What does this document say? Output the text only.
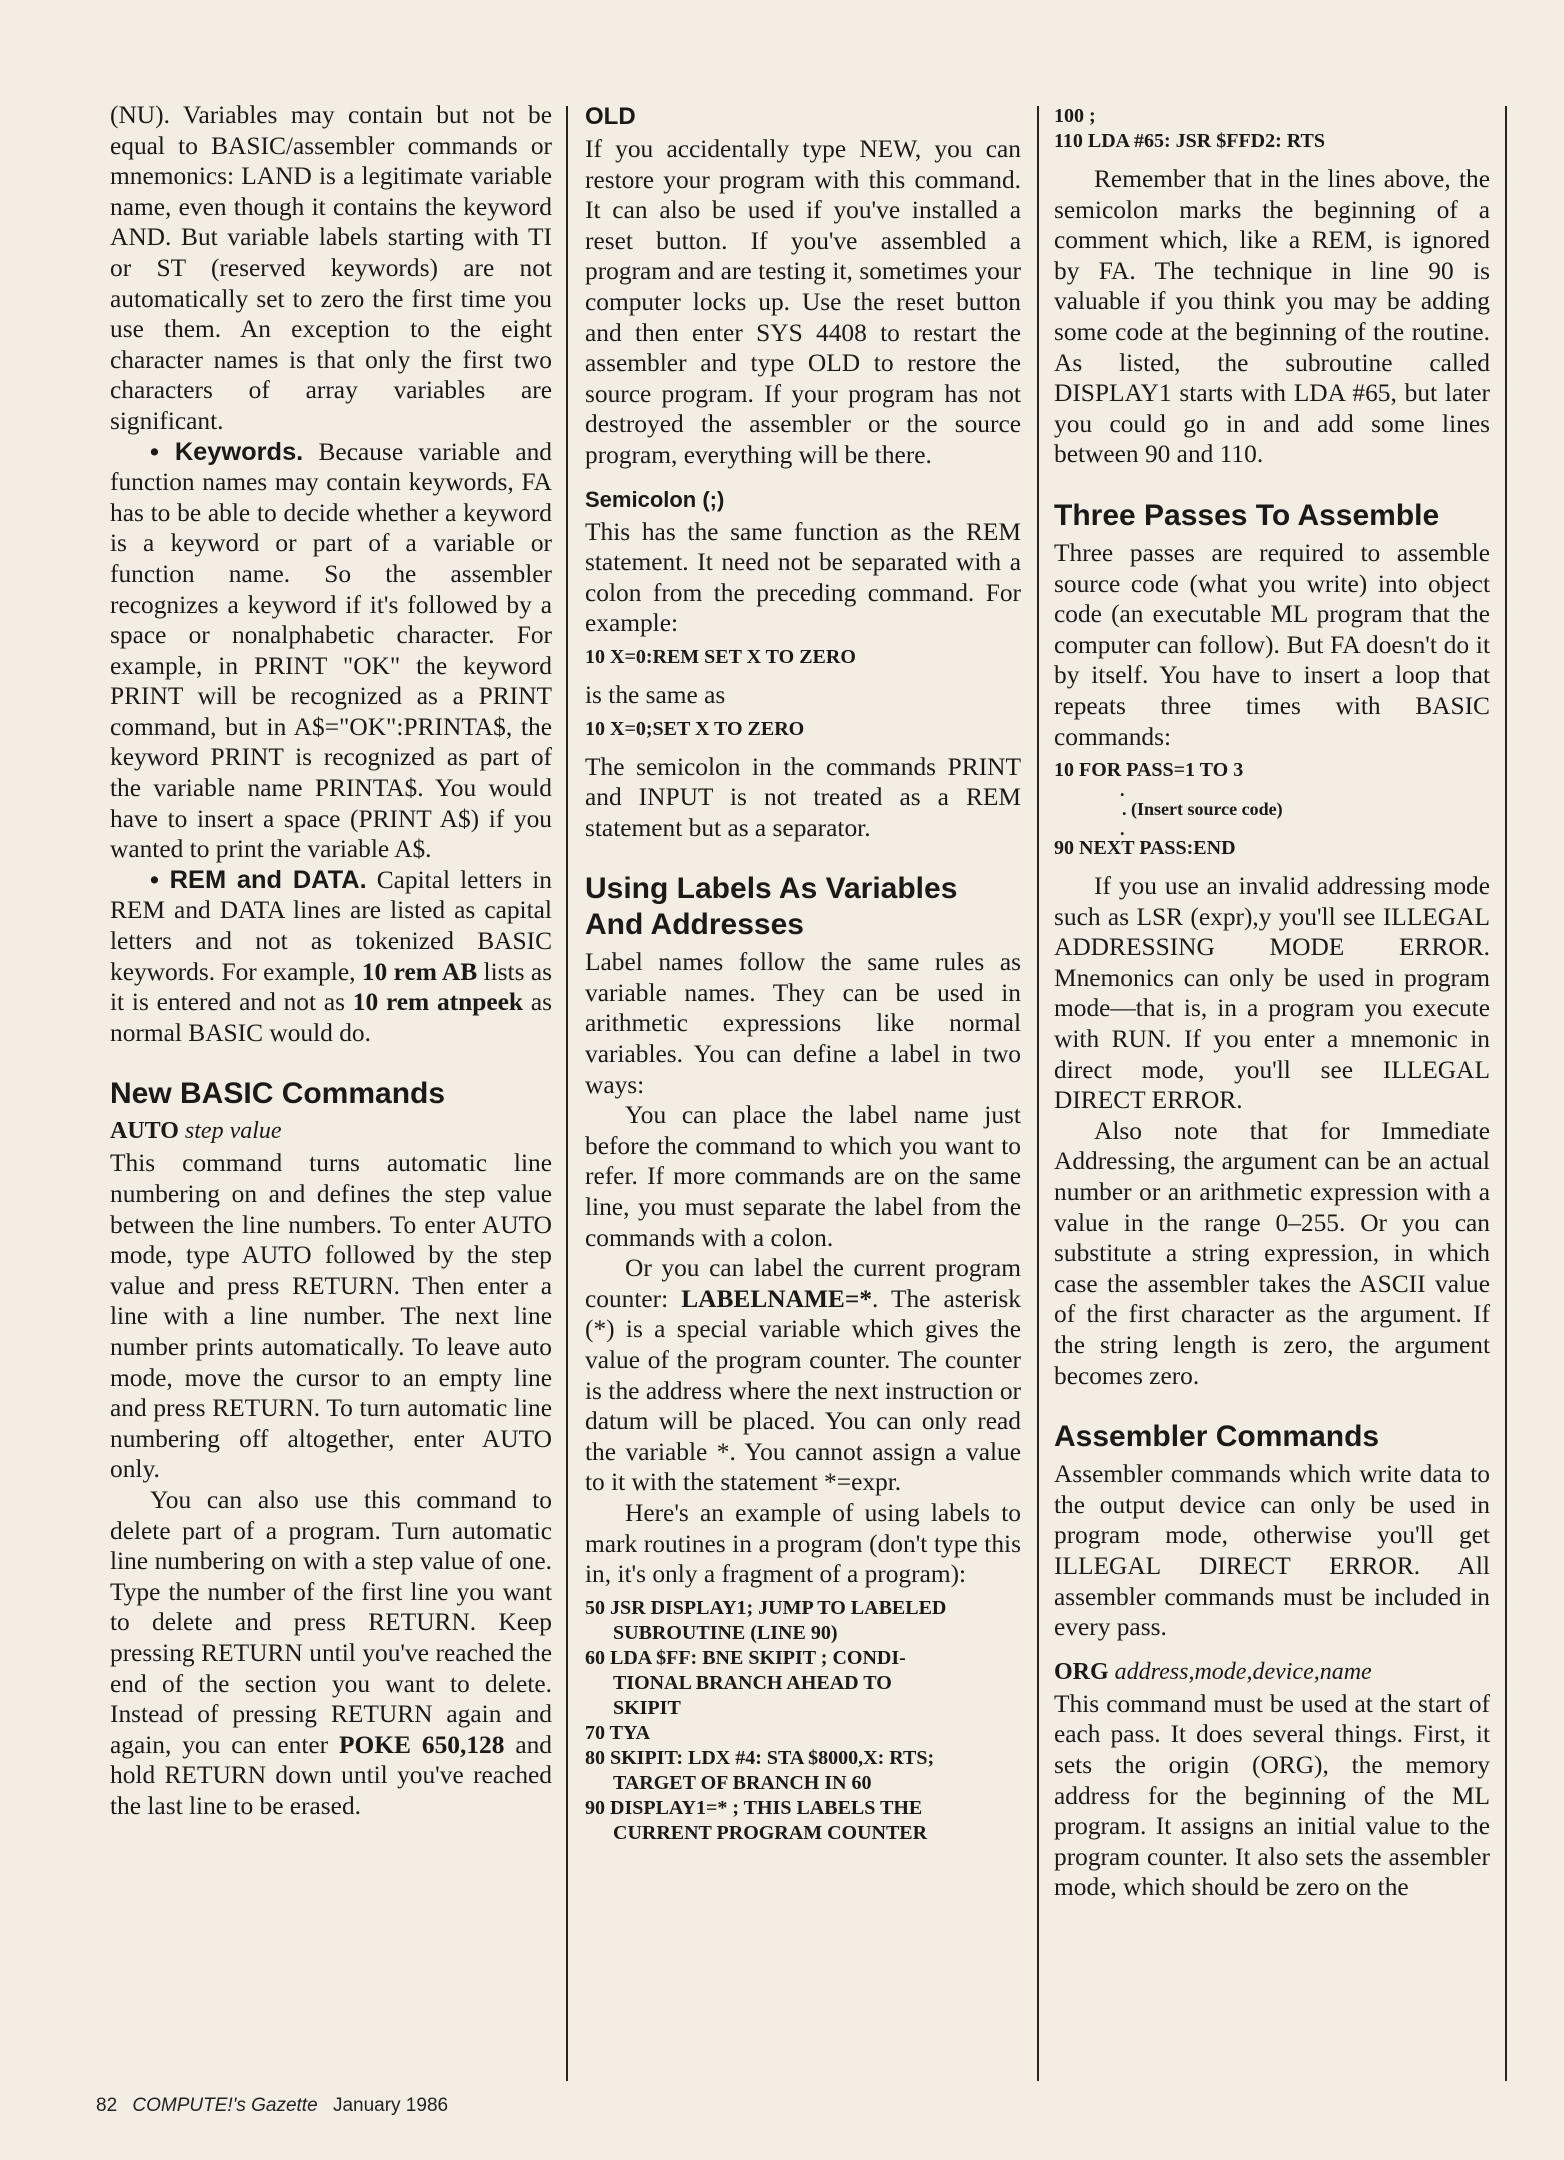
(NU). Variables may contain but not be equal to BASIC/assembler commands or mnemonics: LAND is a legitimate variable name, even though it contains the keyword AND. But variable labels starting with TI or ST (reserved keywords) are not automatically set to zero the first time you use them. An exception to the eight character names is that only the first two characters of array variables are significant.

• Keywords. Because variable and function names may contain keywords, FA has to be able to decide whether a keyword is a keyword or part of a variable or function name. So the assembler recognizes a keyword if it's followed by a space or nonalphabetic character. For example, in PRINT "OK" the keyword PRINT will be recognized as a PRINT command, but in A$="OK":PRINTA$, the keyword PRINT is recognized as part of the variable name PRINTA$. You would have to insert a space (PRINT A$) if you wanted to print the variable A$.

• REM and DATA. Capital letters in REM and DATA lines are listed as capital letters and not as tokenized BASIC keywords. For example, 10 rem AB lists as it is entered and not as 10 rem atnpeek as normal BASIC would do.

New BASIC Commands
AUTO step value

This command turns automatic line numbering on and defines the step value between the line numbers. To enter AUTO mode, type AUTO followed by the step value and press RETURN. Then enter a line with a line number. The next line number prints automatically. To leave auto mode, move the cursor to an empty line and press RETURN. To turn automatic line numbering off altogether, enter AUTO only.

You can also use this command to delete part of a program. Turn automatic line numbering on with a step value of one. Type the number of the first line you want to delete and press RETURN. Keep pressing RETURN until you've reached the end of the section you want to delete. Instead of pressing RETURN again and again, you can enter POKE 650,128 and hold RETURN down until you've reached the last line to be erased.

OLD

If you accidentally type NEW, you can restore your program with this command. It can also be used if you've installed a reset button. If you've assembled a program and are testing it, sometimes your computer locks up. Use the reset button and then enter SYS 4408 to restart the assembler and type OLD to restore the source program. If your program has not destroyed the assembler or the source program, everything will be there.

Semicolon (;)

This has the same function as the REM statement. It need not be separated with a colon from the preceding command. For example:

10 X=0:REM SET X TO ZERO

is the same as

10 X=0;SET X TO ZERO

The semicolon in the commands PRINT and INPUT is not treated as a REM statement but as a separator.

Using Labels As Variables And Addresses

Label names follow the same rules as variable names. They can be used in arithmetic expressions like normal variables. You can define a label in two ways:

You can place the label name just before the command to which you want to refer. If more commands are on the same line, you must separate the label from the commands with a colon.

Or you can label the current program counter: LABELNAME=*. The asterisk (*) is a special variable which gives the value of the program counter. The counter is the address where the next instruction or datum will be placed. You can only read the variable *. You cannot assign a value to it with the statement *=expr.

Here's an example of using labels to mark routines in a program (don't type this in, it's only a fragment of a program):

50 JSR DISPLAY1; JUMP TO LABELED
SUBROUTINE (LINE 90)
60 LDA $FF: BNE SKIPIT ; CONDI-
TIONAL BRANCH AHEAD TO
SKIPIT
70 TYA
80 SKIPIT: LDX #4: STA $8000,X: RTS;
TARGET OF BRANCH IN 60
90 DISPLAY1=* ; THIS LABELS THE
CURRENT PROGRAM COUNTER
100 ;
110 LDA #65: JSR $FFD2: RTS

Remember that in the lines above, the semicolon marks the beginning of a comment which, like a REM, is ignored by FA. The technique in line 90 is valuable if you think you may be adding some code at the beginning of the routine. As listed, the subroutine called DISPLAY1 starts with LDA #65, but later you could go in and add some lines between 90 and 110.

Three Passes To Assemble

Three passes are required to assemble source code (what you write) into object code (an executable ML program that the computer can follow). But FA doesn't do it by itself. You have to insert a loop that repeats three times with BASIC commands:

10 FOR PASS=1 TO 3
.
. (Insert source code)
.
90 NEXT PASS:END

If you use an invalid addressing mode such as LSR (expr),y you'll see ILLEGAL ADDRESSING MODE ERROR. Mnemonics can only be used in program mode—that is, in a program you execute with RUN. If you enter a mnemonic in direct mode, you'll see ILLEGAL DIRECT ERROR.

Also note that for Immediate Addressing, the argument can be an actual number or an arithmetic expression with a value in the range 0–255. Or you can substitute a string expression, in which case the assembler takes the ASCII value of the first character as the argument. If the string length is zero, the argument becomes zero.

Assembler Commands

Assembler commands which write data to the output device can only be used in program mode, otherwise you'll get ILLEGAL DIRECT ERROR. All assembler commands must be included in every pass.

ORG address,mode,device,name

This command must be used at the start of each pass. It does several things. First, it sets the origin (ORG), the memory address for the beginning of the ML program. It assigns an initial value to the program counter. It also sets the assembler mode, which should be zero on the

82 COMPUTE!'s Gazette January 1986
